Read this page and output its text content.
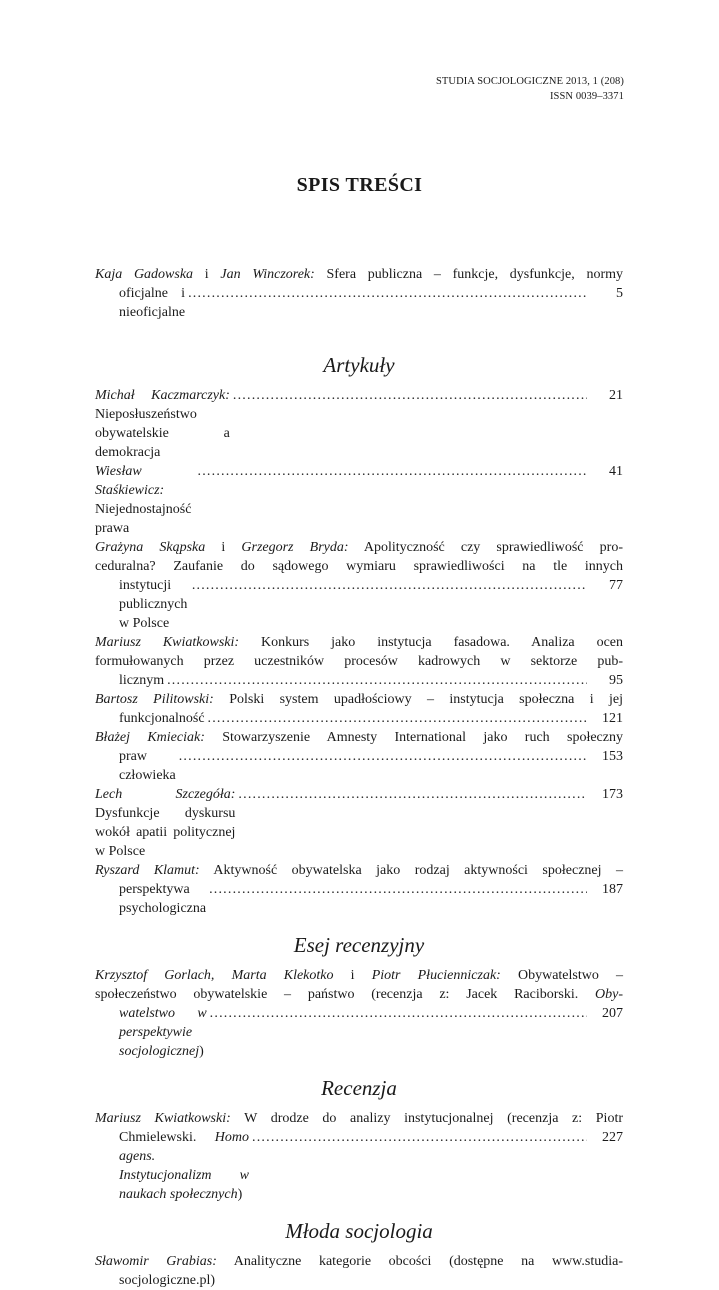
STUDIA SOCJOLOGICZNE 2013, 1 (208)
ISSN 0039–3371
SPIS TREŚCI
Kaja Gadowska i Jan Winczorek: Sfera publiczna – funkcje, dysfunkcje, normy
oficjalne i nieoficjalne
.....
5
Artykuły
Michał Kaczmarczyk: Nieposłuszeństwo obywatelskie a demokracja
.....
21
Wiesław Staśkiewicz: Niejednostajność prawa
.....
41
Grażyna Skąpska i Grzegorz Bryda: Apolityczność czy sprawiedliwość pro-
ceduralna? Zaufanie do sądowego wymiaru sprawiedliwości na tle innych
instytucji publicznych w Polsce
.....
77
Mariusz Kwiatkowski: Konkurs jako instytucja fasadowa. Analiza ocen
formułowanych przez uczestników procesów kadrowych w sektorze pub-
licznym .....	95
Bartosz Pilitowski: Polski system upadłościowy – instytucja społeczna i jej
funkcjonalność .....	121
Błażej Kmieciak: Stowarzyszenie Amnesty International jako ruch społeczny
praw człowieka
.....
153
Lech Szczegóła: Dysfunkcje dyskursu wokół apatii politycznej w Polsce
.....
173
Ryszard Klamut: Aktywność obywatelska jako rodzaj aktywności społecznej –
perspektywa psychologiczna
.....
187
Esej recenzyjny
Krzysztof Gorlach, Marta Klekotko i Piotr Płucienniczak: Obywatelstwo –
społeczeństwo obywatelskie – państwo (recenzja z: Jacek Raciborski. Oby-
watelstwo w perspektywie socjologicznej)
.....
207
Recenzja
Mariusz Kwiatkowski: W drodze do analizy instytucjonalnej (recenzja z: Piotr
Chmielewski. Homo agens. Instytucjonalizm w naukach społecznych)
.....
227
Młoda socjologia
Sławomir Grabias: Analityczne kategorie obcości (dostępne na www.studia-
socjologiczne.pl)
